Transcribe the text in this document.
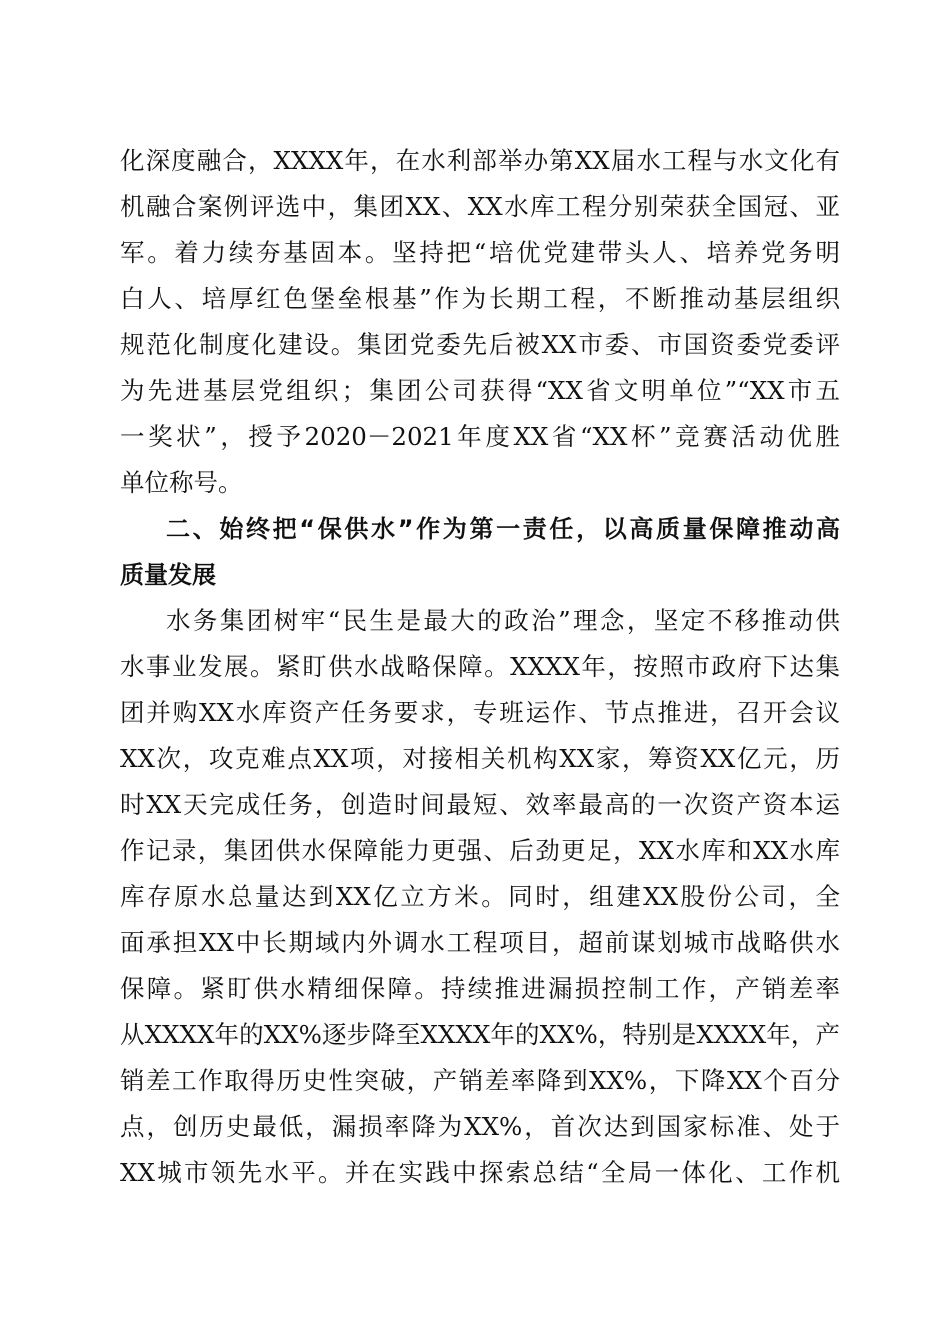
化深度融合，XXXX年，在水利部举办第XX届水工程与水文化有
机融合案例评选中，集团XX、XX水库工程分别荣获全国冠、亚
军。着力续夯基固本。坚持把“培优党建带头人、培养党务明
白人、培厚红色堡垒根基”作为长期工程，不断推动基层组织
规范化制度化建设。集团党委先后被XX市委、市国资委党委评
为先进基层党组织；集团公司获得“XX省文明单位”“XX市五
一奖状”，授予2020－2021年度XX省“XX杯”竞赛活动优胜
单位称号。
二、始终把“保供水”作为第一责任，以高质量保障推动高
质量发展
水务集团树牢“民生是最大的政治”理念，坚定不移推动供
水事业发展。紧盯供水战略保障。XXXX年，按照市政府下达集
团并购XX水库资产任务要求，专班运作、节点推进，召开会议
XX次，攻克难点XX项，对接相关机构XX家，筹资XX亿元，历
时XX天完成任务，创造时间最短、效率最高的一次资产资本运
作记录，集团供水保障能力更强、后劲更足，XX水库和XX水库
库存原水总量达到XX亿立方米。同时，组建XX股份公司，全
面承担XX中长期域内外调水工程项目，超前谋划城市战略供水
保障。紧盯供水精细保障。持续推进漏损控制工作，产销差率
从XXXX年的XX%逐步降至XXXX年的XX%，特别是XXXX年，产
销差工作取得历史性突破，产销差率降到XX%，下降XX个百分
点，创历史最低，漏损率降为XX%，首次达到国家标准、处于
XX城市领先水平。并在实践中探索总结“全局一体化、工作机
